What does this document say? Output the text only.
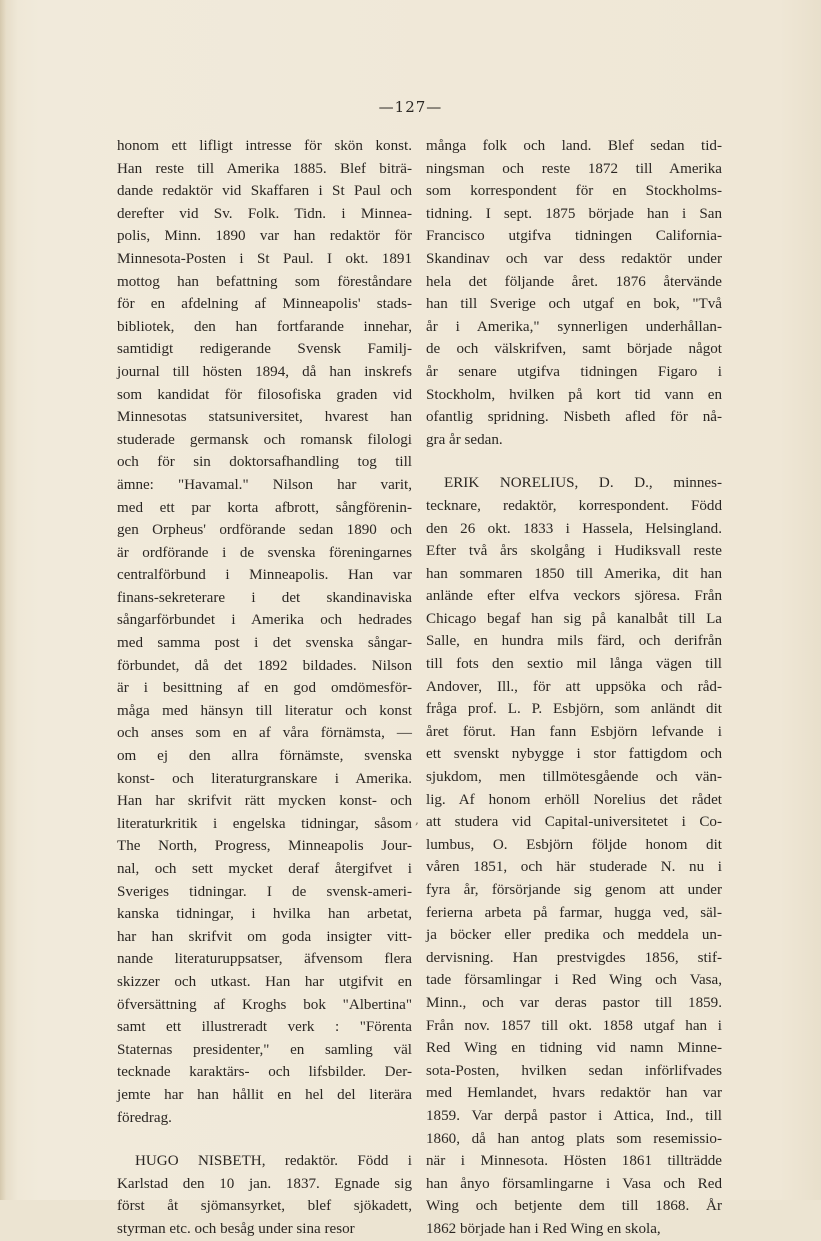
—127—
honom ett lifligt intresse för skön konst.
Han reste till Amerika 1885. Blef biträ-
dande redaktör vid Skaffaren i St Paul och
derefter vid Sv. Folk. Tidn. i Minnea-
polis, Minn. 1890 var han redaktör för
Minnesota-Posten i St Paul. I okt. 1891
mottog han befattning som föreståndare
för en afdelning af Minneapolis' stads-
bibliotek, den han fortfarande innehar,
samtidigt redigerande Svensk Familj-
journal till hösten 1894, då han inskrefs
som kandidat för filosofiska graden vid
Minnesotas statsuniversitet, hvarest han
studerade germansk och romansk filologi
och för sin doktorsafhandling tog till
ämne: "Havamal." Nilson har varit,
med ett par korta afbrott, sångförenin-
gen Orpheus' ordförande sedan 1890 och
är ordförande i de svenska föreningarnes
centralförbund i Minneapolis. Han var
finans-sekreterare i det skandinaviska
sångarförbundet i Amerika och hedrades
med samma post i det svenska sångar-
förbundet, då det 1892 bildades. Nilson
är i besittning af en god omdömesför-
måga med hänsyn till literatur och konst
och anses som en af våra förnämsta, —
om ej den allra förnämste, svenska
konst- och literaturgranskare i Amerika.
Han har skrifvit rätt mycken konst- och
literaturkritik i engelska tidningar, såsom
The North, Progress, Minneapolis Jour-
nal, och sett mycket deraf återgifvet i
Sveriges tidningar. I de svensk-ameri-
kanska tidningar, i hvilka han arbetat,
har han skrifvit om goda insigter vitt-
nande literaturuppsatser, äfvensom flera
skizzer och utkast. Han har utgifvit en
öfversättning af Kroghs bok "Albertina"
samt ett illustreradt verk : "Förenta
Staternas presidenter," en samling väl
tecknade karaktärs- och lifsbilder. Der-
jemte har han hållit en hel del literära
föredrag.
HUGO NISBETH, redaktör. Född i
Karlstad den 10 jan. 1837. Egnade sig
först åt sjömansyrket, blef sjökadett,
styrman etc. och besåg under sina resor
många folk och land. Blef sedan tid-
ningsman och reste 1872 till Amerika
som korrespondent för en Stockholms-
tidning. I sept. 1875 började han i San
Francisco utgifva tidningen California-
Skandinav och var dess redaktör under
hela det följande året. 1876 återvände
han till Sverige och utgaf en bok, "Två
år i Amerika," synnerligen underhållan-
de och välskrifven, samt började något
år senare utgifva tidningen Figaro i
Stockholm, hvilken på kort tid vann en
ofantlig spridning. Nisbeth afled för nå-
gra år sedan.
ERIK NORELIUS, D. D., minnes-
tecknare, redaktör, korrespondent. Född
den 26 okt. 1833 i Hassela, Helsingland.
Efter två års skolgång i Hudiksvall reste
han sommaren 1850 till Amerika, dit han
anlände efter elfva veckors sjöresa. Från
Chicago begaf han sig på kanalbåt till La
Salle, en hundra mils färd, och derifrån
till fots den sextio mil långa vägen till
Andover, Ill., för att uppsöka och råd-
fråga prof. L. P. Esbjörn, som anländt dit
året förut. Han fann Esbjörn lefvande i
ett svenskt nybygge i stor fattigdom och
sjukdom, men tillmötesgående och vän-
lig. Af honom erhöll Norelius det rådet
att studera vid Capital-universitetet i Co-
lumbus, O. Esbjörn följde honom dit
våren 1851, och här studerade N. nu i
fyra år, försörjande sig genom att under
ferierna arbeta på farmar, hugga ved, säl-
ja böcker eller predika och meddela un-
dervisning. Han prestvigdes 1856, stif-
tade församlingar i Red Wing och Vasa,
Minn., och var deras pastor till 1859.
Från nov. 1857 till okt. 1858 utgaf han i
Red Wing en tidning vid namn Minne-
sota-Posten, hvilken sedan införlifvades
med Hemlandet, hvars redaktör han var
1859. Var derpå pastor i Attica, Ind., till
1860, då han antog plats som resemissio-
när i Minnesota. Hösten 1861 tillträdde
han ånyo församlingarne i Vasa och Red
Wing och betjente dem till 1868. År
1862 började han i Red Wing en skola,
,
